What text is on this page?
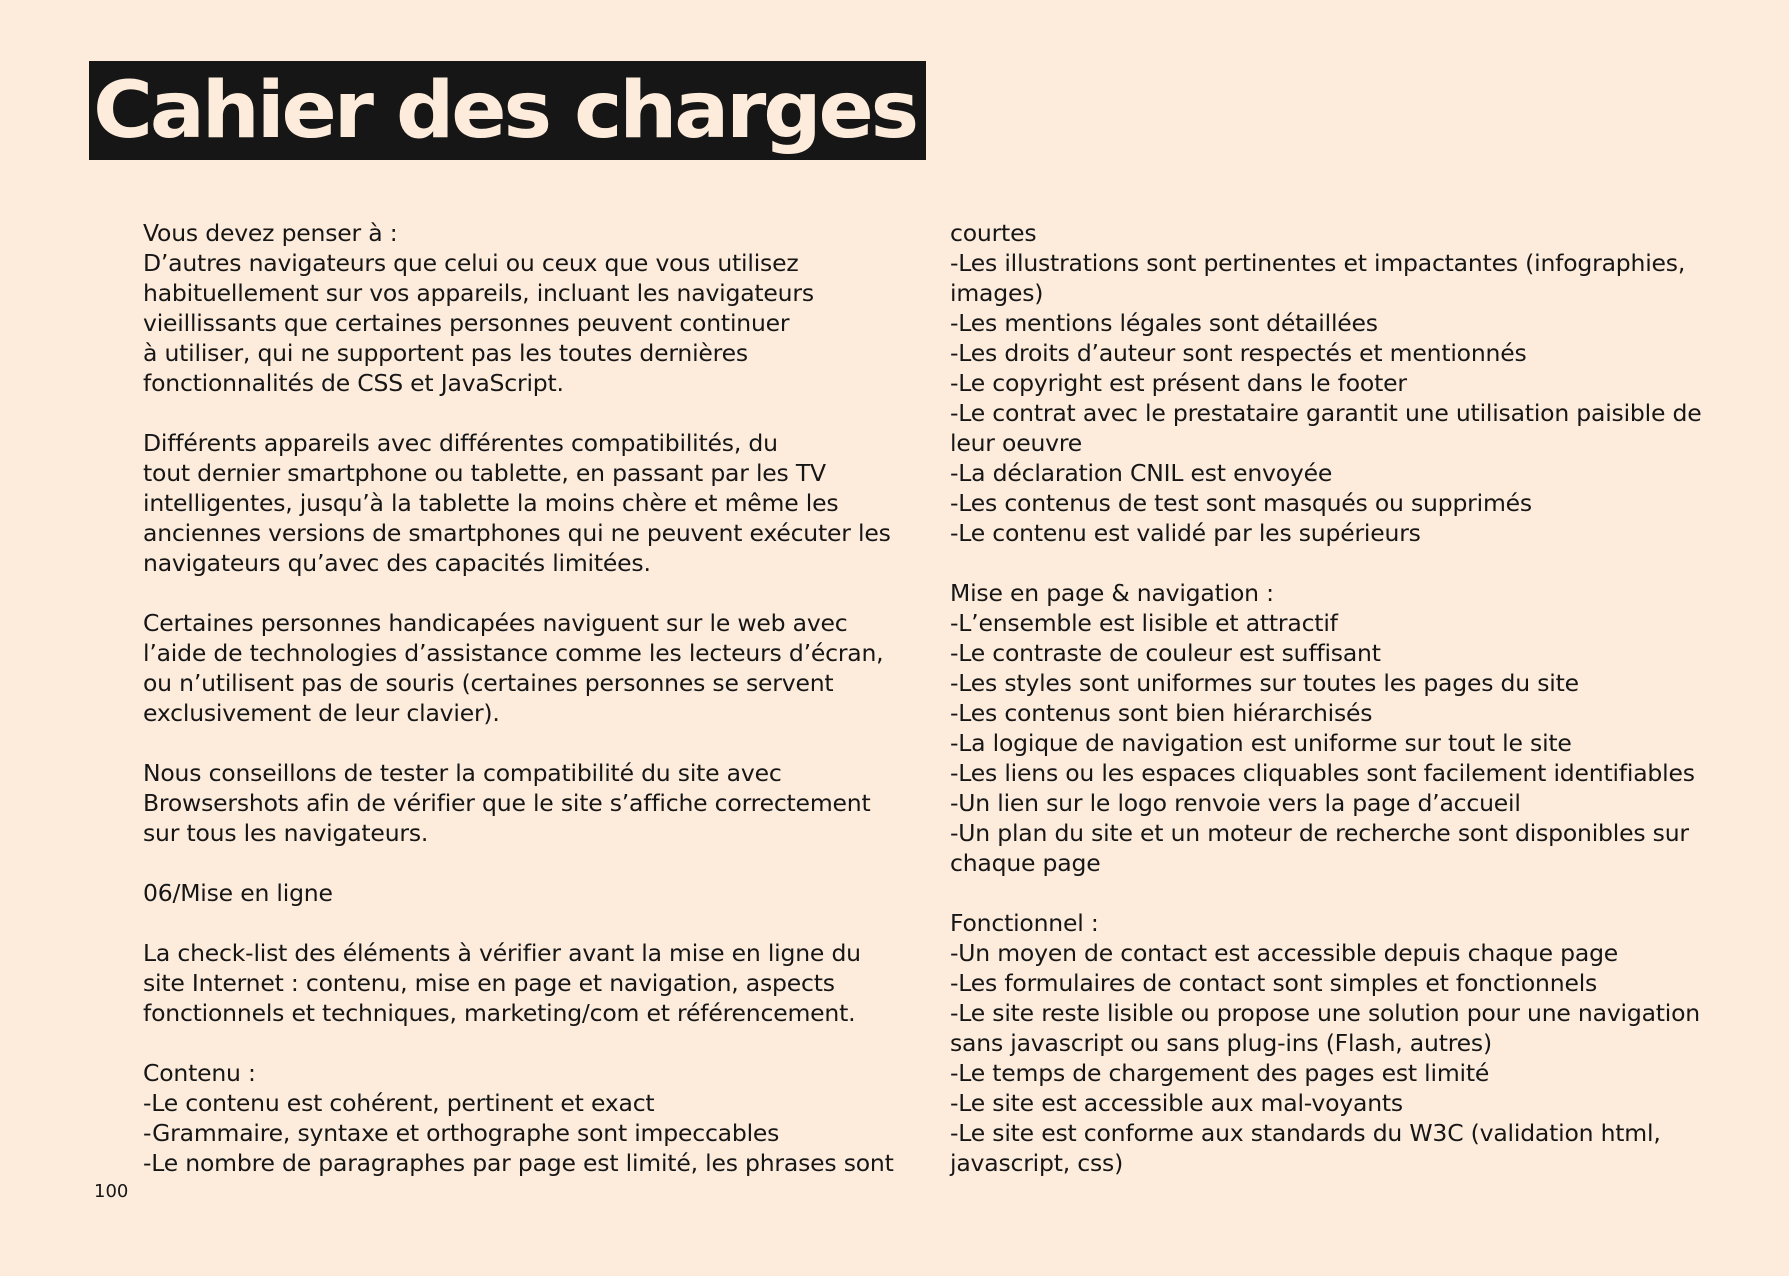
Cahier des charges
Vous devez penser à :
D’autres navigateurs que celui ou ceux que vous utilisez
habituellement sur vos appareils, incluant les navigateurs
vieillissants que certaines personnes peuvent continuer
à utiliser, qui ne supportent pas les toutes dernières
fonctionnalités de CSS et JavaScript.
Différents appareils avec différentes compatibilités, du
tout dernier smartphone ou tablette, en passant par les TV
intelligentes, jusqu’à la tablette la moins chère et même les
anciennes versions de smartphones qui ne peuvent exécuter les
navigateurs qu’avec des capacités limitées.
Certaines personnes handicapées naviguent sur le web avec
l’aide de technologies d’assistance comme les lecteurs d’écran,
ou n’utilisent pas de souris (certaines personnes se servent
exclusivement de leur clavier).
Nous conseillons de tester la compatibilité du site avec
Browsershots afin de vérifier que le site s’affiche correctement
sur tous les navigateurs.
06/Mise en ligne
La check-list des éléments à vérifier avant la mise en ligne du
site Internet : contenu, mise en page et navigation, aspects
fonctionnels et techniques, marketing/com et référencement.
Contenu :
-Le contenu est cohérent, pertinent et exact
-Grammaire, syntaxe et orthographe sont impeccables
-Le nombre de paragraphes par page est limité, les phrases sont
courtes
-Les illustrations sont pertinentes et impactantes (infographies,
images)
-Les mentions légales sont détaillées
-Les droits d’auteur sont respectés et mentionnés
-Le copyright est présent dans le footer
-Le contrat avec le prestataire garantit une utilisation paisible de
leur oeuvre
-La déclaration CNIL est envoyée
-Les contenus de test sont masqués ou supprimés
-Le contenu est validé par les supérieurs
Mise en page & navigation :
-L’ensemble est lisible et attractif
-Le contraste de couleur est suffisant
-Les styles sont uniformes sur toutes les pages du site
-Les contenus sont bien hiérarchisés
-La logique de navigation est uniforme sur tout le site
-Les liens ou les espaces cliquables sont facilement identifiables
-Un lien sur le logo renvoie vers la page d’accueil
-Un plan du site et un moteur de recherche sont disponibles sur
chaque page
Fonctionnel :
-Un moyen de contact est accessible depuis chaque page
-Les formulaires de contact sont simples et fonctionnels
-Le site reste lisible ou propose une solution pour une navigation
sans javascript ou sans plug-ins (Flash, autres)
-Le temps de chargement des pages est limité
-Le site est accessible aux mal-voyants
-Le site est conforme aux standards du W3C (validation html,
javascript, css)
100
